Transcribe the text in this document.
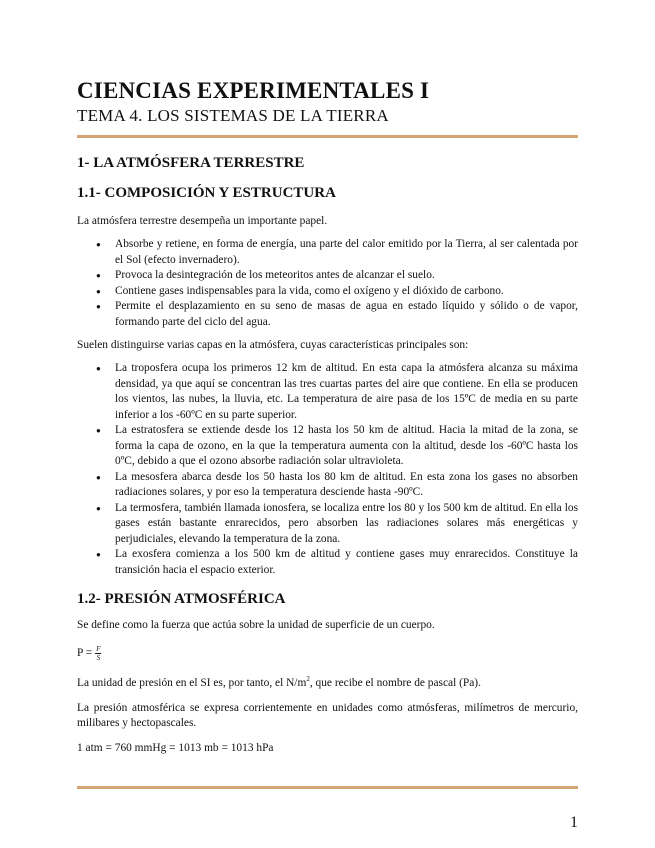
CIENCIAS EXPERIMENTALES I
TEMA 4. LOS SISTEMAS DE LA TIERRA
1- LA ATMÓSFERA TERRESTRE
1.1- COMPOSICIÓN Y ESTRUCTURA

La atmósfera terrestre desempeña un importante papel.

● Absorbe y retiene, en forma de energía, una parte del calor emitido por la Tierra, al ser calentada por el Sol (efecto invernadero).
● Provoca la desintegración de los meteoritos antes de alcanzar el suelo.
● Contiene gases indispensables para la vida, como el oxígeno y el dióxido de carbono.
● Permite el desplazamiento en su seno de masas de agua en estado líquido y sólido o de vapor, formando parte del ciclo del agua.

Suelen distinguirse varias capas en la atmósfera, cuyas características principales son:

● La troposfera ocupa los primeros 12 km de altitud. En esta capa la atmósfera alcanza su máxima densidad, ya que aquí se concentran las tres cuartas partes del aire que contiene. En ella se producen los vientos, las nubes, la lluvia, etc. La temperatura de aire pasa de los 15ºC de media en su parte inferior a los -60ºC en su parte superior.
● La estratosfera se extiende desde los 12 hasta los 50 km de altitud. Hacia la mitad de la zona, se forma la capa de ozono, en la que la temperatura aumenta con la altitud, desde los -60ºC hasta los 0ºC, debido a que el ozono absorbe radiación solar ultravioleta.
● La mesosfera abarca desde los 50 hasta los 80 km de altitud. En esta zona los gases no absorben radiaciones solares, y por eso la temperatura desciende hasta -90ºC.
● La termosfera, también llamada ionosfera, se localiza entre los 80 y los 500 km de altitud. En ella los gases están bastante enrarecidos, pero absorben las radiaciones solares más energéticas y perjudiciales, elevando la temperatura de la zona.
● La exosfera comienza a los 500 km de altitud y contiene gases muy enrarecidos. Constituye la transición hacia el espacio exterior.
1.2- PRESIÓN ATMOSFÉRICA

Se define como la fuerza que actúa sobre la unidad de superficie de un cuerpo.

$P = \frac{F}{S}$

La unidad de presión en el SI es, por tanto, el $N/m^2$, que recibe el nombre de pascal (Pa).

La presión atmosférica se expresa corrientemente en unidades como atmósferas, milímetros de mercurio, milibares y hectopascales.

1 atm = 760 mmHg = 1013 mb = 1013 hPa

1
